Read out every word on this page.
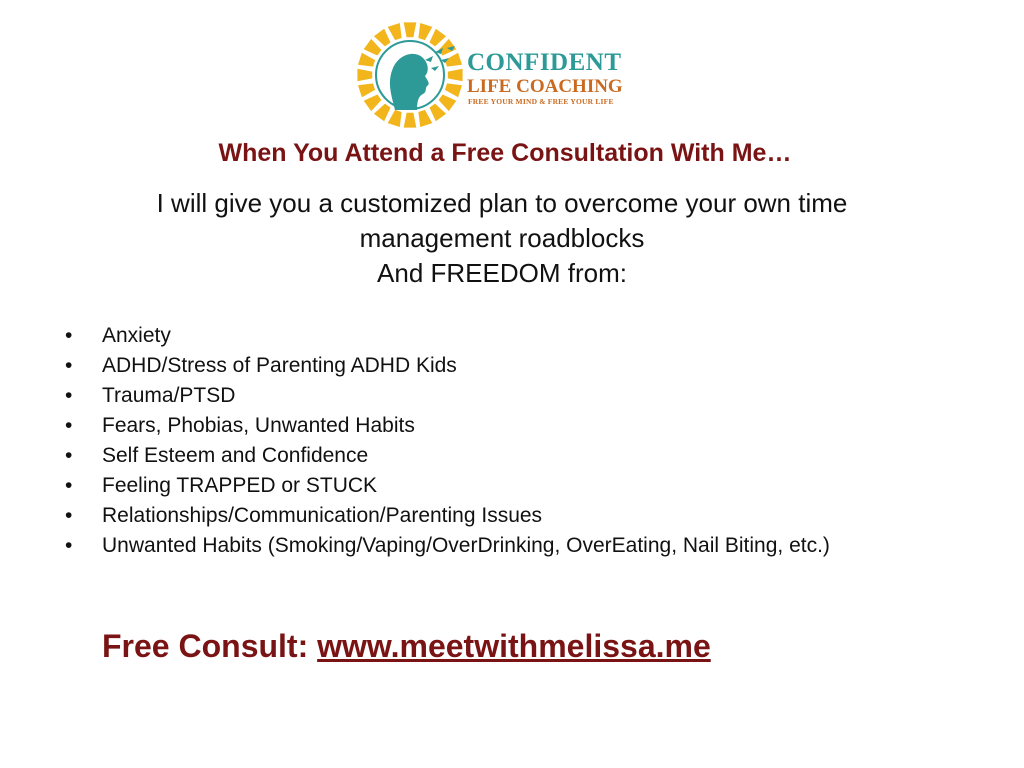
CONFIDENT
LIFE COACHING
FREE YOUR MIND & FREE YOUR LIFE
When You Attend a Free Consultation With Me…
I will give you a customized plan to overcome your own time
management roadblocks
And FREEDOM from:
• Anxiety
• ADHD/Stress of Parenting ADHD Kids
• Trauma/PTSD
• Fears, Phobias, Unwanted Habits
• Self Esteem and Confidence
• Feeling TRAPPED or STUCK
• Relationships/Communication/Parenting Issues
• Unwanted Habits (Smoking/Vaping/OverDrinking, OverEating, Nail Biting, etc.)
Free Consult: www.meetwithmelissa.me
